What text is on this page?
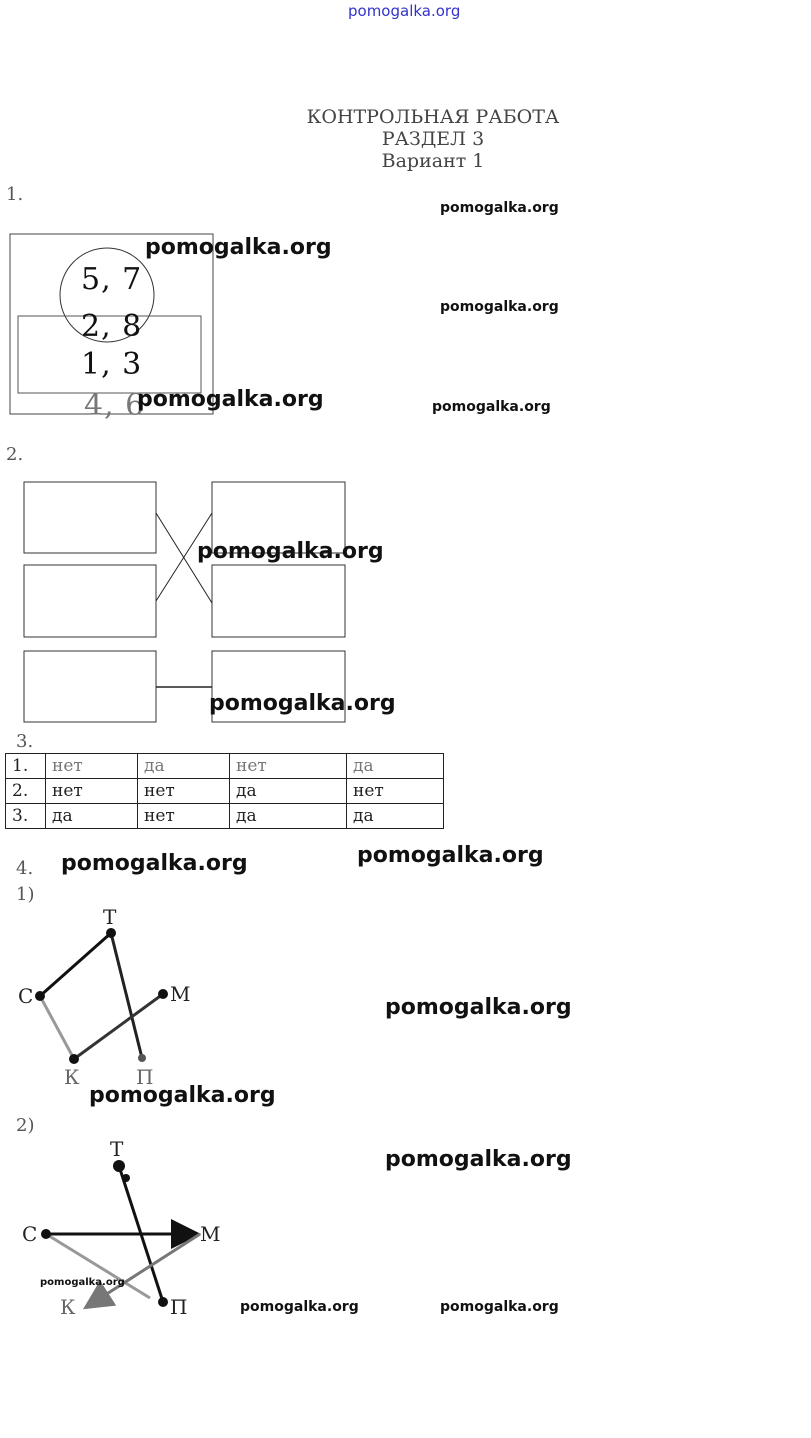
pomogalka.org
КОНТРОЛЬНАЯ РАБОТА
РАЗДЕЛ 3
Вариант 1
1.
5, 7
2, 8
1, 3
4, 6
2.
3.
1.	нет	да	нет	да
2.	нет	нет	да	нет
3.	да	нет	да	да
4.
1)
Т
С	М
К	П
2)
Т
С	М
К	П
pomogalka.org
pomogalka.org
pomogalka.org
pomogalka.org	pomogalka.org
pomogalka.org
pomogalka.org
pomogalka.org
pomogalka.org
pomogalka.org
pomogalka.org
pomogalka.org
pomogalka.org
pomogalka.org	pomogalka.org
